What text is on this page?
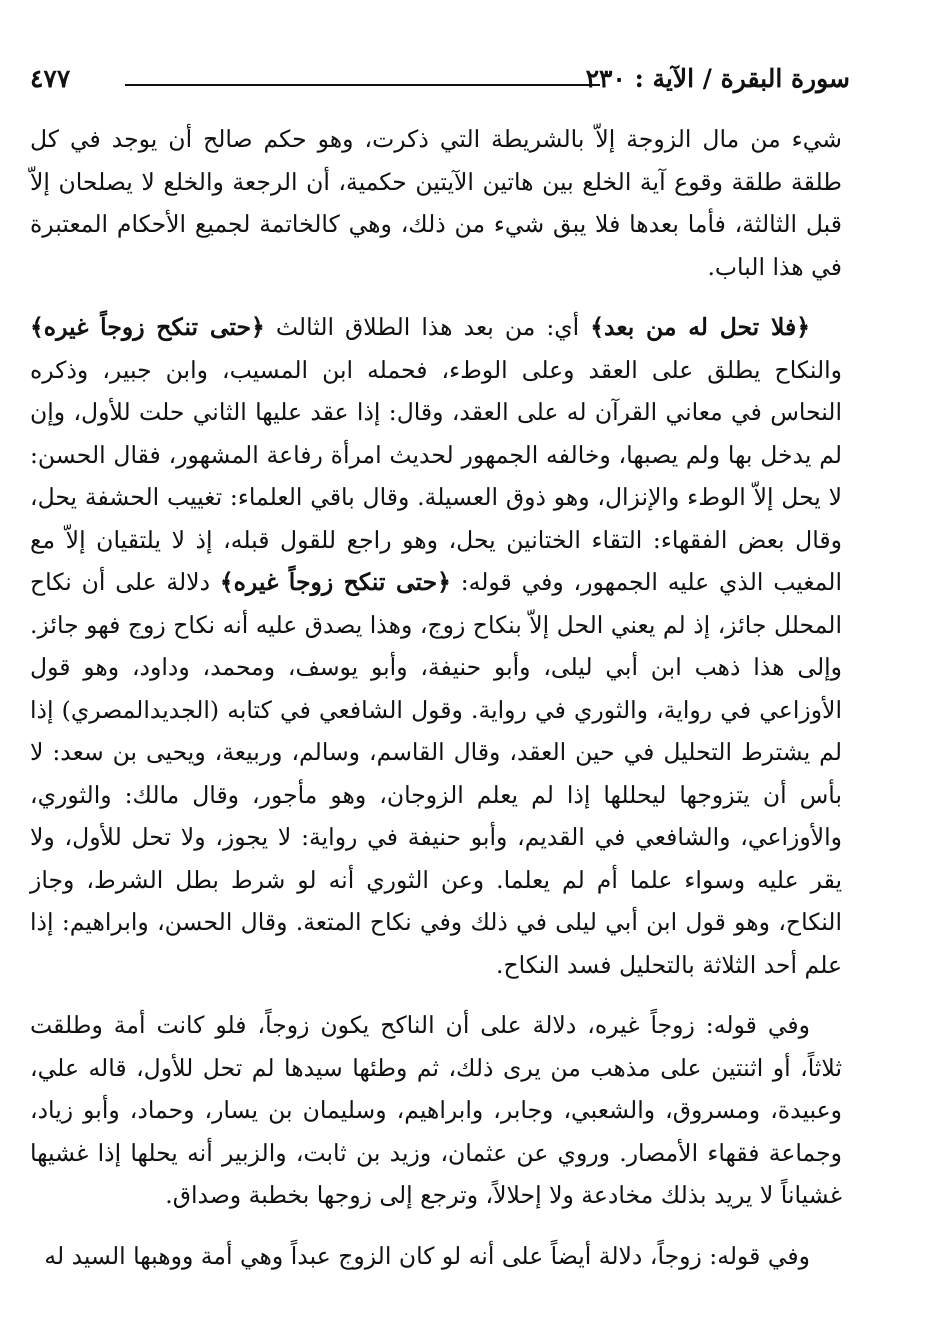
سورة البقرة / الآية : ٢٣٠
٤٧٧

شيء من مال الزوجة إلاّ بالشريطة التي ذكرت، وهو حكم صالح أن يوجد في كل طلقة طلقة وقوع آية الخلع بين هاتين الآيتين حكمية، أن الرجعة والخلع لا يصلحان إلاّ قبل الثالثة، فأما بعدها فلا يبق شيء من ذلك، وهي كالخاتمة لجميع الأحكام المعتبرة في هذا الباب.

﴿فلا تحل له من بعد﴾ أي: من بعد هذا الطلاق الثالث ﴿حتى تنكح زوجاً غيره﴾ والنكاح يطلق على العقد وعلى الوطء، فحمله ابن المسيب، وابن جبير، وذكره النحاس في معاني القرآن له على العقد، وقال: إذا عقد عليها الثاني حلت للأول، وإن لم يدخل بها ولم يصبها، وخالفه الجمهور لحديث امرأة رفاعة المشهور، فقال الحسن: لا يحل إلاّ الوطء والإنزال، وهو ذوق العسيلة. وقال باقي العلماء: تغييب الحشفة يحل، وقال بعض الفقهاء: التقاء الختانين يحل، وهو راجع للقول قبله، إذ لا يلتقيان إلاّ مع المغيب الذي عليه الجمهور، وفي قوله: ﴿حتى تنكح زوجاً غيره﴾ دلالة على أن نكاح المحلل جائز، إذ لم يعني الحل إلاّ بنكاح زوج، وهذا يصدق عليه أنه نكاح زوج فهو جائز. وإلى هذا ذهب ابن أبي ليلى، وأبو حنيفة، وأبو يوسف، ومحمد، وداود، وهو قول الأوزاعي في رواية، والثوري في رواية. وقول الشافعي في كتابه (الجديدالمصري) إذا لم يشترط التحليل في حين العقد، وقال القاسم، وسالم، وربيعة، ويحيى بن سعد: لا بأس أن يتزوجها ليحللها إذا لم يعلم الزوجان، وهو مأجور، وقال مالك: والثوري، والأوزاعي، والشافعي في القديم، وأبو حنيفة في رواية: لا يجوز، ولا تحل للأول، ولا يقر عليه وسواء علما أم لم يعلما. وعن الثوري أنه لو شرط بطل الشرط، وجاز النكاح، وهو قول ابن أبي ليلى في ذلك وفي نكاح المتعة. وقال الحسن، وابراهيم: إذا علم أحد الثلاثة بالتحليل فسد النكاح.

وفي قوله: زوجاً غيره، دلالة على أن الناكح يكون زوجاً، فلو كانت أمة وطلقت ثلاثاً، أو اثنتين على مذهب من يرى ذلك، ثم وطئها سيدها لم تحل للأول، قاله علي، وعبيدة، ومسروق، والشعبي، وجابر، وابراهيم، وسليمان بن يسار، وحماد، وأبو زياد، وجماعة فقهاء الأمصار. وروي عن عثمان، وزيد بن ثابت، والزبير أنه يحلها إذا غشيها غشياناً لا يريد بذلك مخادعة ولا إحلالاً، وترجع إلى زوجها بخطبة وصداق.

وفي قوله: زوجاً، دلالة أيضاً على أنه لو كان الزوج عبداً وهي أمة ووهبها السيد له
